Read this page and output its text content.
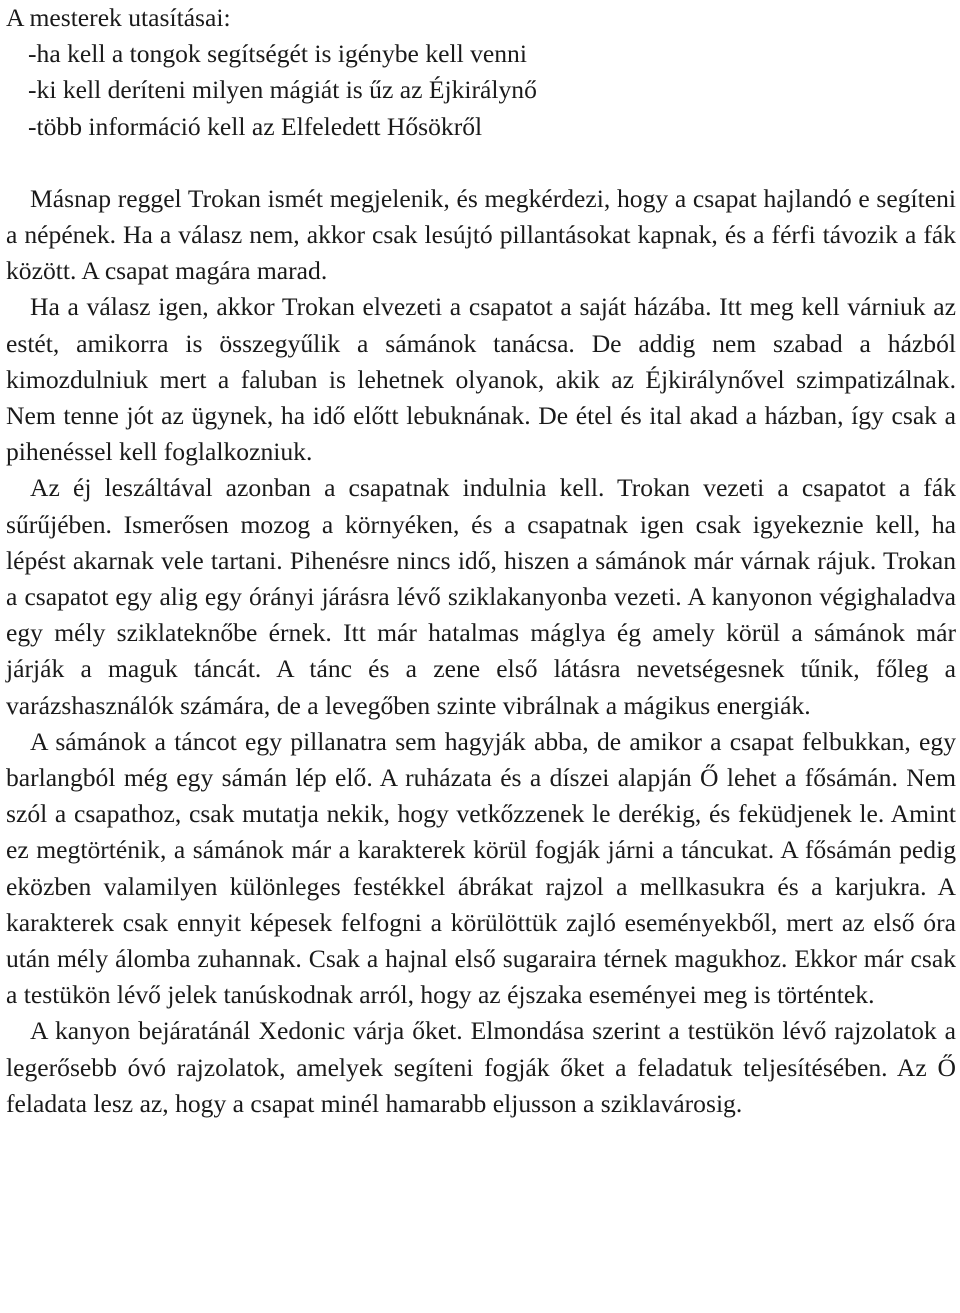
A mesterek utasításai:

-ha kell a tongok segítségét is igénybe kell venni
-ki kell deríteni milyen mágiát is űz az Éjkirálynő
-több információ kell az Elfeledett Hősökről

Másnap reggel Trokan ismét megjelenik, és megkérdezi, hogy a csapat hajlandó e segíteni a népének. Ha a válasz nem, akkor csak lesújtó pillantásokat kapnak, és a férfi távozik a fák között. A csapat magára marad.

Ha a válasz igen, akkor Trokan elvezeti a csapatot a saját házába. Itt meg kell várniuk az estét, amikorra is összegyűlik a sámánok tanácsa. De addig nem szabad a házból kimozdulniuk mert a faluban is lehetnek olyanok, akik az Éjkirálynővel szimpatizálnak. Nem tenne jót az ügynek, ha idő előtt lebuknának. De étel és ital akad a házban, így csak a pihenéssel kell foglalkozniuk.

Az éj leszáltával azonban a csapatnak indulnia kell. Trokan vezeti a csapatot a fák sűrűjében. Ismerősen mozog a környéken, és a csapatnak igen csak igyekeznie kell, ha lépést akarnak vele tartani. Pihenésre nincs idő, hiszen a sámánok már várnak rájuk. Trokan a csapatot egy alig egy órányi járásra lévő sziklakanyonba vezeti. A kanyonon végighaladva egy mély sziklateknőbe érnek. Itt már hatalmas máglya ég amely körül a sámánok már járják a maguk táncát. A tánc és a zene első látásra nevetségesnek tűnik, főleg a varázshasználók számára, de a levegőben szinte vibrálnak a mágikus energiák.

A sámánok a táncot egy pillanatra sem hagyják abba, de amikor a csapat felbukkan, egy barlangból még egy sámán lép elő. A ruházata és a díszei alapján Ő lehet a fősámán. Nem szól a csapathoz, csak mutatja nekik, hogy vetkőzzenek le derékig, és feküdjenek le. Amint ez megtörténik, a sámánok már a karakterek körül fogják járni a táncukat. A fősámán pedig eközben valamilyen különleges festékkel ábrákat rajzol a mellkasukra és a karjukra. A karakterek csak ennyit képesek felfogni a körülöttük zajló eseményekből, mert az első óra után mély álomba zuhannak. Csak a hajnal első sugaraira térnek magukhoz. Ekkor már csak a testükön lévő jelek tanúskodnak arról, hogy az éjszaka eseményei meg is történtek.

A kanyon bejáratánál Xedonic várja őket. Elmondása szerint a testükön lévő rajzolatok a legerősebb óvó rajzolatok, amelyek segíteni fogják őket a feladatuk teljesítésében. Az Ő feladata lesz az, hogy a csapat minél hamarabb eljusson a sziklavárosig.
